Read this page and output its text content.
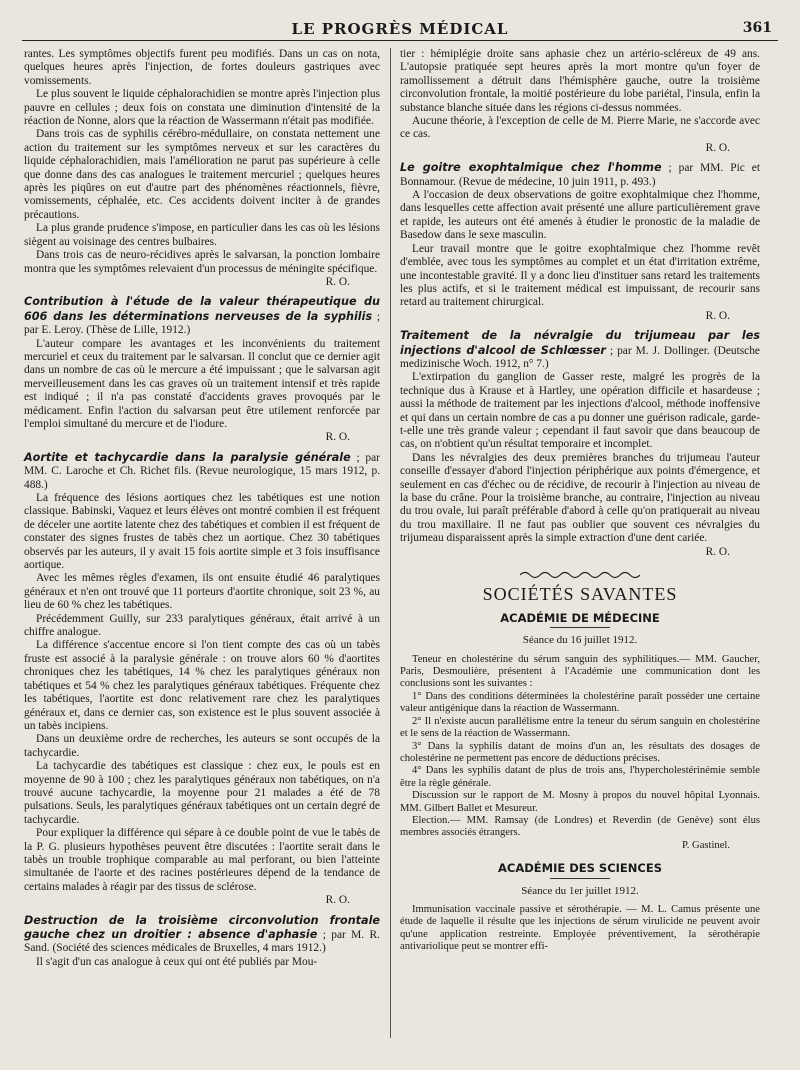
LE PROGRÈS MÉDICAL	361

rantes. Les symptômes objectifs furent peu modifiés. Dans un cas on nota, quelques heures après l'injection, de fortes douleurs gastriques avec vomissements.

Le plus souvent le liquide céphalorachidien se montre après l'injection plus pauvre en cellules ; deux fois on constata une diminution d'intensité de la réaction de Nonne, alors que la réaction de Wassermann n'était pas modifiée.

Dans trois cas de syphilis cérébro-médullaire, on constata nettement une action du traitement sur les symptômes nerveux et sur les caractères du liquide céphalorachidien, mais l'amélioration ne parut pas supérieure à celle que donne dans des cas analogues le traitement mercuriel ; quelques heures après les piqûres on eut d'autre part des phénomènes réactionnels, fièvre, vomissements, céphalée, etc. Ces accidents doivent inciter à de grandes précautions.

La plus grande prudence s'impose, en particulier dans les cas où les lésions siègent au voisinage des centres bulbaires.

Dans trois cas de neuro-récidives après le salvarsan, la ponction lombaire montra que les symptômes relevaient d'un processus de méningite spécifique.

R. O.

Contribution à l'étude de la valeur thérapeutique du 606 dans les déterminations nerveuses de la syphilis ; par E. Leroy. (Thèse de Lille, 1912.)

L'auteur compare les avantages et les inconvénients du traitement mercuriel et ceux du traitement par le salvarsan. Il conclut que ce dernier agit dans un nombre de cas où le mercure a été impuissant ; que le salvarsan agit merveilleusement dans les cas graves où un traitement intensif et très rapide est indiqué ; il n'a pas constaté d'accidents graves provoqués par le médicament. Enfin l'action du salvarsan peut être utilement renforcée par l'emploi simultané du mercure et de l'iodure.

R. O.

Aortite et tachycardie dans la paralysie générale ; par MM. C. Laroche et Ch. Richet fils. (Revue neurologique, 15 mars 1912, p. 488.)

La fréquence des lésions aortiques chez les tabétiques est une notion classique. Babinski, Vaquez et leurs élèves ont montré combien il est fréquent de déceler une aortite latente chez des tabétiques et combien il est fréquent de constater des signes frustes de tabès chez un aortique. Chez 30 tabétiques observés par les auteurs, il y avait 15 fois aortite simple et 3 fois insuffisance aortique.

Avec les mêmes règles d'examen, ils ont ensuite étudié 46 paralytiques généraux et n'en ont trouvé que 11 porteurs d'aortite chronique, soit 23 %, au lieu de 60 % chez les tabétiques.

Précédemment Guilly, sur 233 paralytiques généraux, était arrivé à un chiffre analogue.

La différence s'accentue encore si l'on tient compte des cas où un tabès fruste est associé à la paralysie générale : on trouve alors 60 % d'aortites chroniques chez les tabétiques, 14 % chez les paralytiques généraux non tabétiques et 54 % chez les paralytiques généraux tabétiques. Fréquente chez les tabétiques, l'aortite est donc relativement rare chez les paralytiques généraux et, dans ce dernier cas, son existence est le plus souvent associée à un tabès incipiens.

Dans un deuxième ordre de recherches, les auteurs se sont occupés de la tachycardie.

La tachycardie des tabétiques est classique : chez eux, le pouls est en moyenne de 90 à 100 ; chez les paralytiques généraux non tabétiques, on n'a trouvé aucune tachycardie, la moyenne pour 21 malades a été de 78 pulsations. Seuls, les paralytiques généraux tabétiques ont un certain degré de tachycardie.

Pour expliquer la différence qui sépare à ce double point de vue le tabès de la P. G. plusieurs hypothèses peuvent être discutées : l'aortite serait dans le tabès un trouble trophique comparable au mal perforant, ou bien l'atteinte simultanée de l'aorte et des racines postérieures dépend de la tendance de certains malades à réagir par des tissus de sclérose.

R. O.

Destruction de la troisième circonvolution frontale gauche chez un droitier : absence d'aphasie ; par M. R. Sand. (Société des sciences médicales de Bruxelles, 4 mars 1912.)

Il s'agit d'un cas analogue à ceux qui ont été publiés par Mou-

tier : hémiplégie droite sans aphasie chez un artério-scléreux de 49 ans. L'autopsie pratiquée sept heures après la mort montre qu'un foyer de ramollissement a détruit dans l'hémisphère gauche, outre la troisième circonvolution frontale, la moitié postérieure du lobe pariétal, l'insula, enfin la substance blanche située dans les régions ci-dessus nommées.

Aucune théorie, à l'exception de celle de M. Pierre Marie, ne s'accorde avec ce cas.

R. O.

Le goitre exophtalmique chez l'homme ; par MM. Pic et Bonnamour. (Revue de médecine, 10 juin 1911, p. 493.)

A l'occasion de deux observations de goitre exophtalmique chez l'homme, dans lesquelles cette affection avait présenté une allure particulièrement grave et rapide, les auteurs ont été amenés à étudier le pronostic de la maladie de Basedow dans le sexe masculin.

Leur travail montre que le goitre exophtalmique chez l'homme revêt d'emblée, avec tous les symptômes au complet et un état d'irritation extrême, une incontestable gravité. Il y a donc lieu d'instituer sans retard les traitements les plus actifs, et si le traitement médical est impuissant, de recourir sans retard au traitement chirurgical.

R. O.

Traitement de la névralgie du trijumeau par les injections d'alcool de Schlœsser ; par M. J. Dollinger. (Deutsche medizinische Woch. 1912, n° 7.)

L'extirpation du ganglion de Gasser reste, malgré les progrès de la technique dus à Krause et à Hartley, une opération difficile et hasardeuse ; aussi la méthode de traitement par les injections d'alcool, méthode inoffensive et qui dans un certain nombre de cas a pu donner une guérison radicale, garde-t-elle une très grande valeur ; cependant il faut savoir que dans beaucoup de cas, on n'obtient qu'un résultat temporaire et incomplet.

Dans les névralgies des deux premières branches du trijumeau l'auteur conseille d'essayer d'abord l'injection périphérique aux points d'émergence, et seulement en cas d'échec ou de récidive, de recourir à l'injection au niveau de la base du crâne. Pour la troisième branche, au contraire, l'injection au niveau du trou ovale, lui paraît préférable d'abord à celle qu'on pratiquerait au niveau du trou maxillaire. Il ne faut pas oublier que souvent ces névralgies du trijumeau disparaissent après la simple extraction d'une dent cariée.

R. O.

SOCIÉTÉS SAVANTES
ACADÉMIE DE MÉDECINE
Séance du 16 juillet 1912.

Teneur en cholestérine du sérum sanguin des syphilitiques.— MM. Gaucher, Paris, Desmoulière, présentent à l'Académie une communication dont les conclusions sont les suivantes :

1° Dans des conditions déterminées la cholestérine paraît posséder une certaine valeur antigénique dans la réaction de Wassermann.

2° Il n'existe aucun parallélisme entre la teneur du sérum sanguin en cholestérine et le sens de la réaction de Wassermann.

3° Dans la syphilis datant de moins d'un an, les résultats des dosages de cholestérine ne permettent pas encore de déductions précises.

4° Dans les syphilis datant de plus de trois ans, l'hypercholestérinémie semble être la règle générale.

Discussion sur le rapport de M. Mosny à propos du nouvel hôpital Lyonnais. MM. Gilbert Ballet et Mesureur.

Election.— MM. Ramsay (de Londres) et Reverdin (de Genève) sont élus membres associés étrangers.

P. Gastinel.

ACADÉMIE DES SCIENCES
Séance du 1er juillet 1912.

Immunisation vaccinale passive et sérothérapie. — M. L. Camus présente une étude de laquelle il résulte que les injections de sérum virulicide ne peuvent avoir qu'une application restreinte. Employée préventivement, la sérothérapie antivariolique peut se montrer effi-
